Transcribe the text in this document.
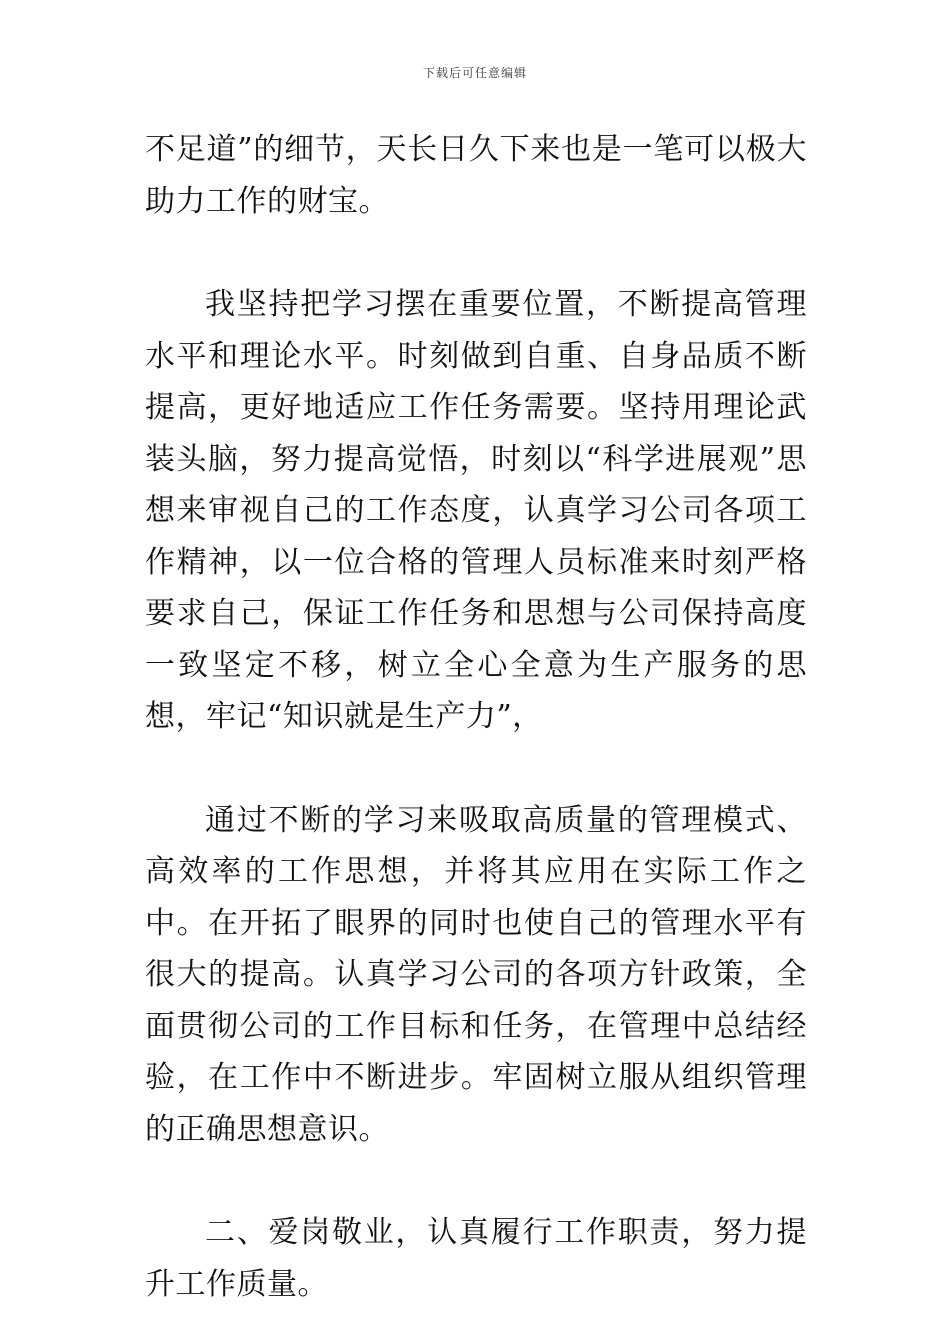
下载后可任意编辑

不足道”的细节，天长日久下来也是一笔可以极大助力工作的财宝。

我坚持把学习摆在重要位置，不断提高管理水平和理论水平。时刻做到自重、自身品质不断提高，更好地适应工作任务需要。坚持用理论武装头脑，努力提高觉悟，时刻以“科学进展观”思想来审视自己的工作态度，认真学习公司各项工作精神，以一位合格的管理人员标准来时刻严格要求自己，保证工作任务和思想与公司保持高度一致坚定不移，树立全心全意为生产服务的思想，牢记“知识就是生产力”，

通过不断的学习来吸取高质量的管理模式、高效率的工作思想，并将其应用在实际工作之中。在开拓了眼界的同时也使自己的管理水平有很大的提高。认真学习公司的各项方针政策，全面贯彻公司的工作目标和任务，在管理中总结经验，在工作中不断进步。牢固树立服从组织管理的正确思想意识。

二、爱岗敬业，认真履行工作职责，努力提升工作质量。
